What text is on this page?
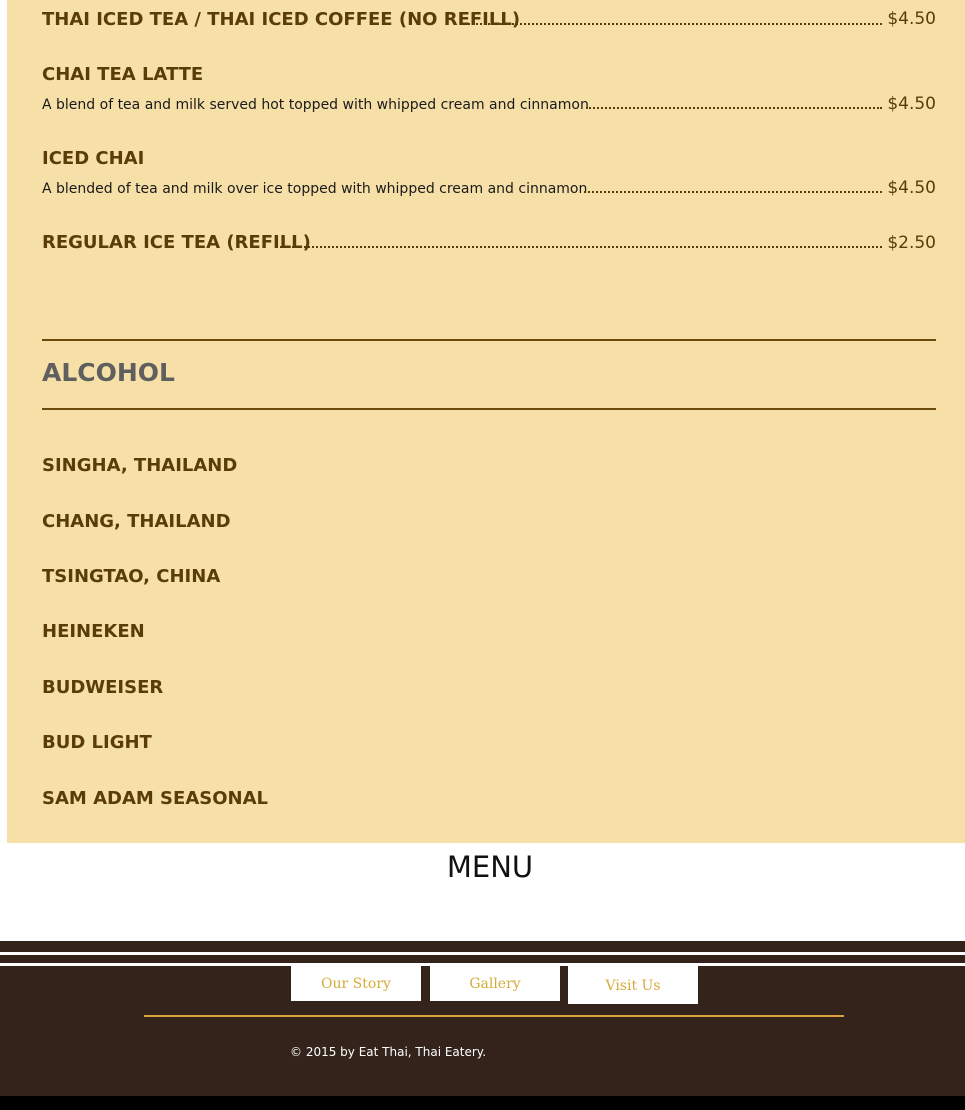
THAI ICED TEA / THAI ICED COFFEE (NO REFILL)	$4.50
CHAI TEA LATTE
A blend of tea and milk served hot topped with whipped cream and cinnamon	$4.50
ICED CHAI
A blended of tea and milk over ice topped with whipped cream and cinnamon	$4.50
REGULAR ICE TEA (REFILL)	$2.50
ALCOHOL
SINGHA, THAILAND
CHANG, THAILAND
TSINGTAO, CHINA
HEINEKEN
BUDWEISER
BUD LIGHT
SAM ADAM SEASONAL
MENU
Our Story	Gallery	Visit Us
© 2015 by Eat Thai, Thai Eatery.
